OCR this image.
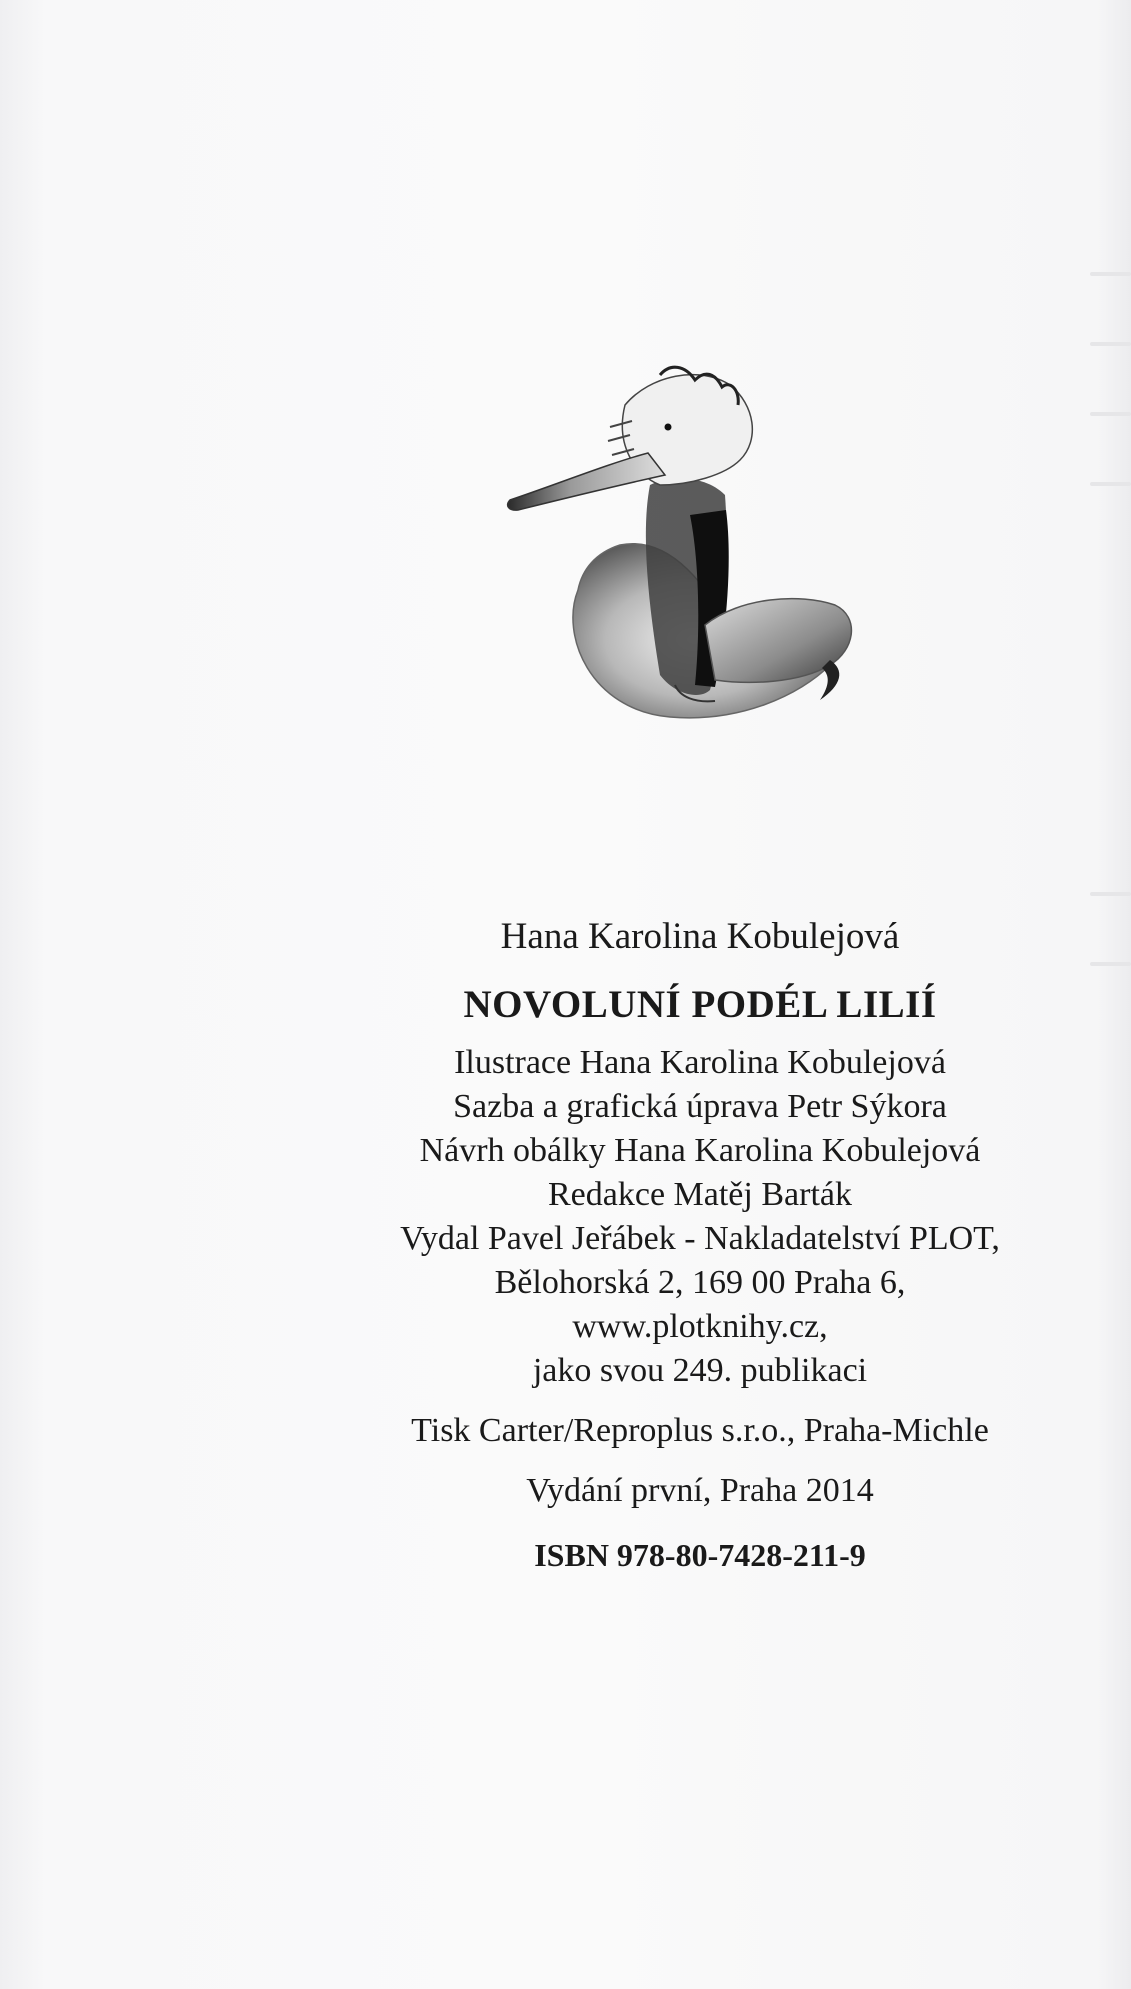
Hana Karolina Kobulejová
NOVOLUNÍ PODÉL LILIÍ
Ilustrace Hana Karolina Kobulejová
Sazba a grafická úprava Petr Sýkora
Návrh obálky Hana Karolina Kobulejová
Redakce Matěj Barták
Vydal Pavel Jeřábek - Nakladatelství PLOT,
Bělohorská 2, 169 00 Praha 6,
www.plotknihy.cz,
jako svou 249. publikaci
Tisk Carter/Reproplus s.r.o., Praha-Michle
Vydání první, Praha 2014
ISBN 978-80-7428-211-9
